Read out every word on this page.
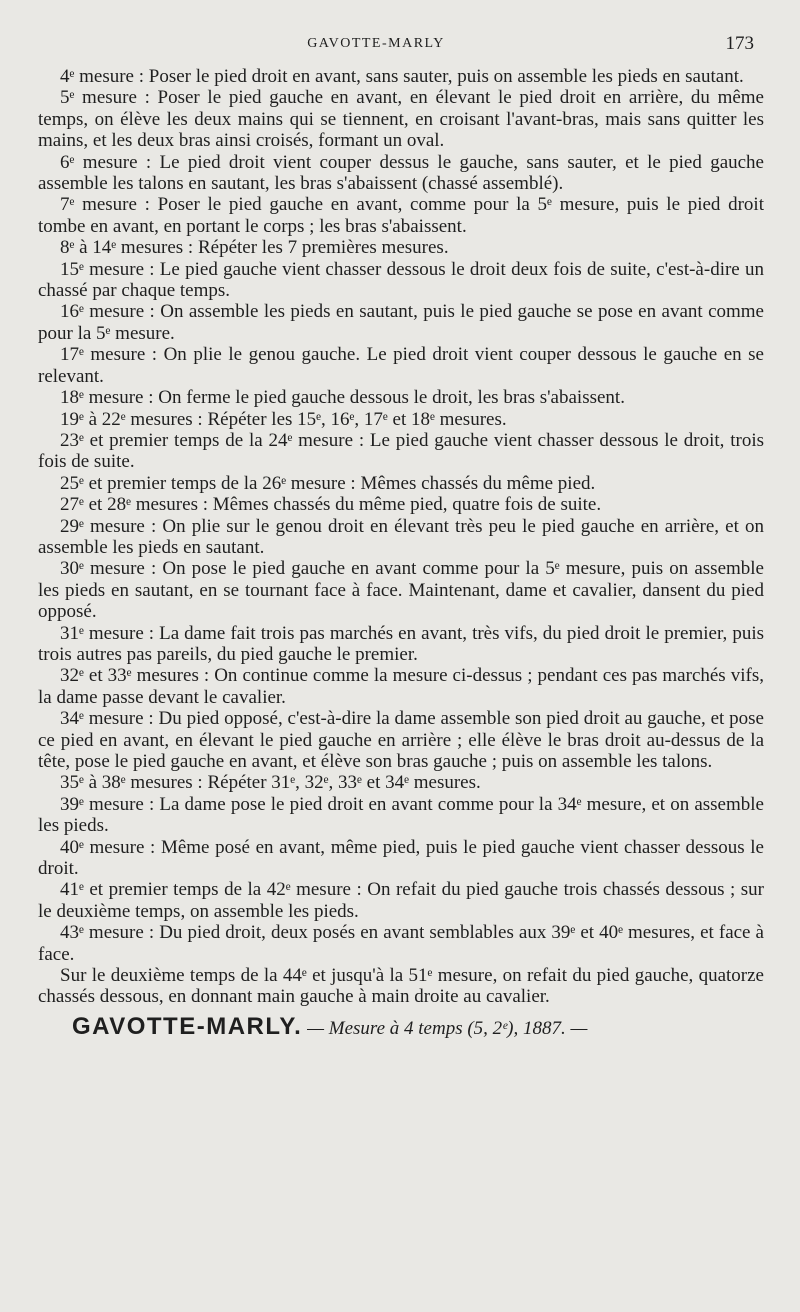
GAVOTTE-MARLY	173

4ᵉ mesure : Poser le pied droit en avant, sans sauter, puis on assemble les pieds en sautant.

5ᵉ mesure : Poser le pied gauche en avant, en élevant le pied droit en arrière, du même temps, on élève les deux mains qui se tiennent, en croisant l'avant-bras, mais sans quitter les mains, et les deux bras ainsi croisés, formant un oval.

6ᵉ mesure : Le pied droit vient couper dessus le gauche, sans sauter, et le pied gauche assemble les talons en sautant, les bras s'abaissent (chassé assemblé).

7ᵉ mesure : Poser le pied gauche en avant, comme pour la 5ᵉ mesure, puis le pied droit tombe en avant, en portant le corps ; les bras s'abaissent.

8ᵉ à 14ᵉ mesures : Répéter les 7 premières mesures.

15ᵉ mesure : Le pied gauche vient chasser dessous le droit deux fois de suite, c'est-à-dire un chassé par chaque temps.

16ᵉ mesure : On assemble les pieds en sautant, puis le pied gauche se pose en avant comme pour la 5ᵉ mesure.

17ᵉ mesure : On plie le genou gauche. Le pied droit vient couper dessous le gauche en se relevant.

18ᵉ mesure : On ferme le pied gauche dessous le droit, les bras s'abaissent.

19ᵉ à 22ᵉ mesures : Répéter les 15ᵉ, 16ᵉ, 17ᵉ et 18ᵉ mesures.

23ᵉ et premier temps de la 24ᵉ mesure : Le pied gauche vient chasser dessous le droit, trois fois de suite.

25ᵉ et premier temps de la 26ᵉ mesure : Mêmes chassés du même pied.

27ᵉ et 28ᵉ mesures : Mêmes chassés du même pied, quatre fois de suite.

29ᵉ mesure : On plie sur le genou droit en élevant très peu le pied gauche en arrière, et on assemble les pieds en sautant.

30ᵉ mesure : On pose le pied gauche en avant comme pour la 5ᵉ mesure, puis on assemble les pieds en sautant, en se tournant face à face. Maintenant, dame et cavalier, dansent du pied opposé.

31ᵉ mesure : La dame fait trois pas marchés en avant, très vifs, du pied droit le premier, puis trois autres pas pareils, du pied gauche le premier.

32ᵉ et 33ᵉ mesures : On continue comme la mesure ci-dessus ; pendant ces pas marchés vifs, la dame passe devant le cavalier.

34ᵉ mesure : Du pied opposé, c'est-à-dire la dame assemble son pied droit au gauche, et pose ce pied en avant, en élevant le pied gauche en arrière ; elle élève le bras droit au-dessus de la tête, pose le pied gauche en avant, et élève son bras gauche ; puis on assemble les talons.

35ᵉ à 38ᵉ mesures : Répéter 31ᵉ, 32ᵉ, 33ᵉ et 34ᵉ mesures.

39ᵉ mesure : La dame pose le pied droit en avant comme pour la 34ᵉ mesure, et on assemble les pieds.

40ᵉ mesure : Même posé en avant, même pied, puis le pied gauche vient chasser dessous le droit.

41ᵉ et premier temps de la 42ᵉ mesure : On refait du pied gauche trois chassés dessous ; sur le deuxième temps, on assemble les pieds.

43ᵉ mesure : Du pied droit, deux posés en avant semblables aux 39ᵉ et 40ᵉ mesures, et face à face.

Sur le deuxième temps de la 44ᵉ et jusqu'à la 51ᵉ mesure, on refait du pied gauche, quatorze chassés dessous, en donnant main gauche à main droite au cavalier.

GAVOTTE-MARLY. — Mesure à 4 temps (5, 2ᵉ), 1887. —
